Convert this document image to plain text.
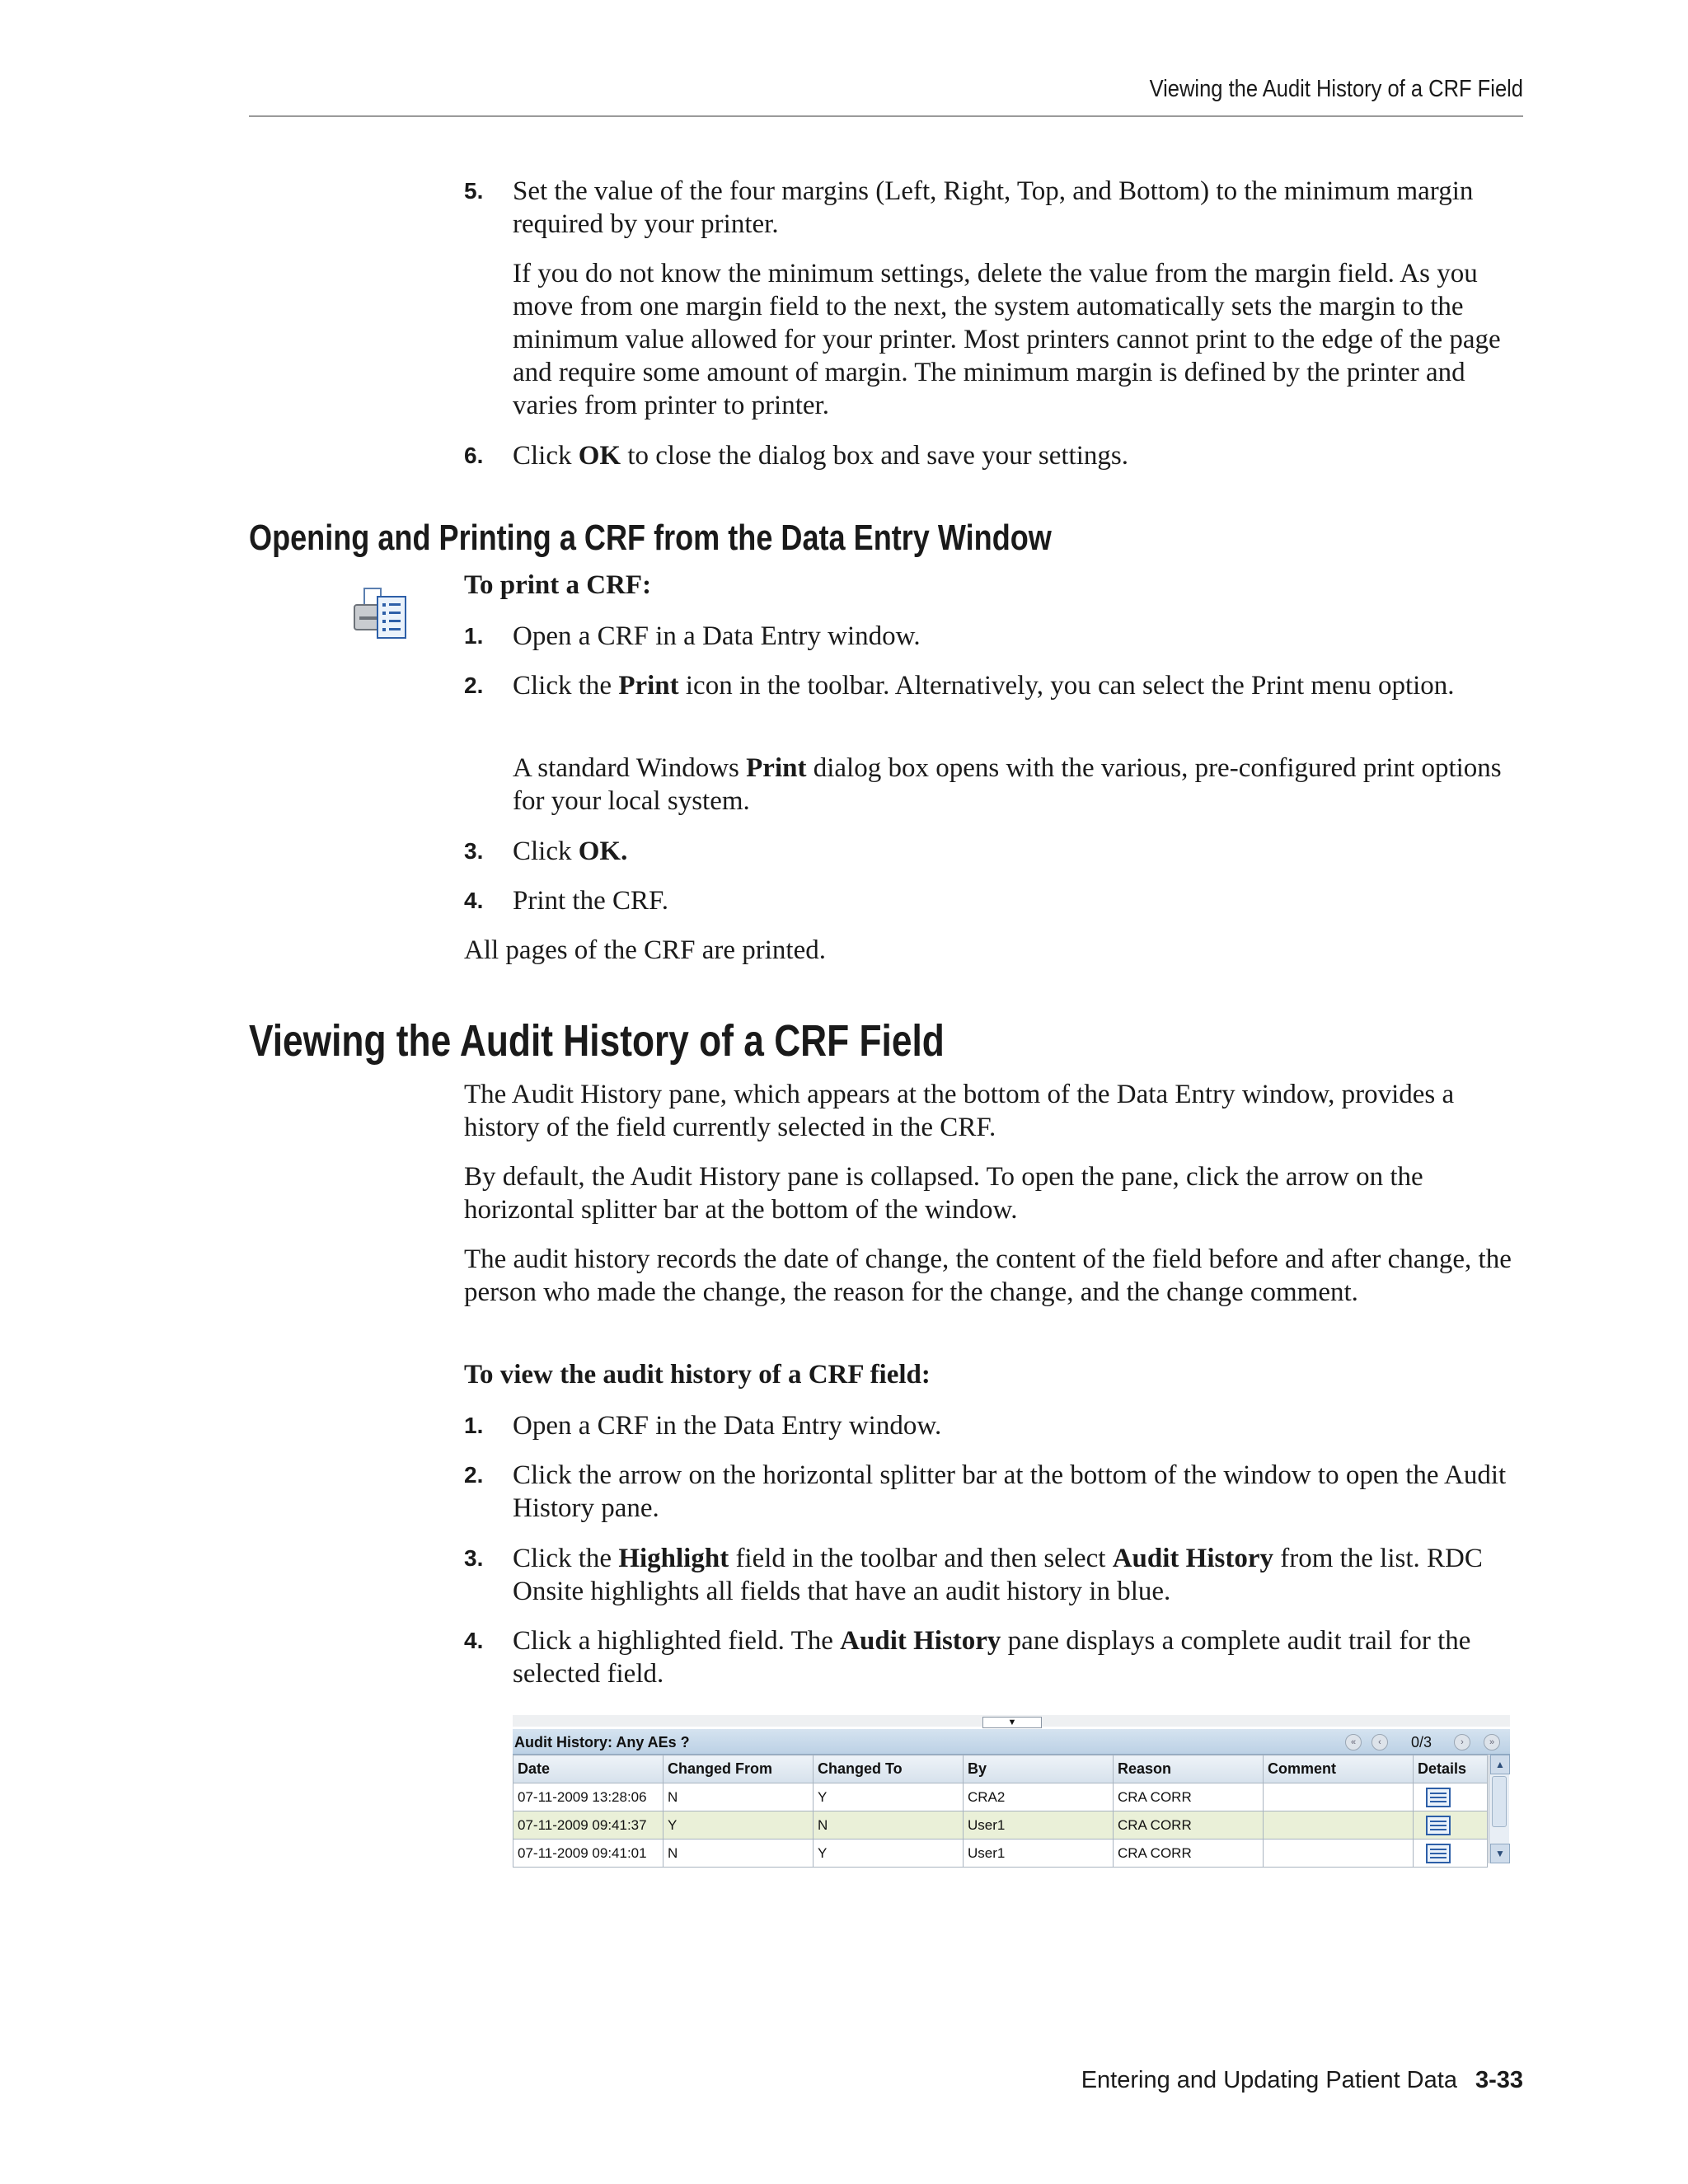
Viewing the Audit History of a CRF Field
5. Set the value of the four margins (Left, Right, Top, and Bottom) to the minimum margin required by your printer.
If you do not know the minimum settings, delete the value from the margin field. As you move from one margin field to the next, the system automatically sets the margin to the minimum value allowed for your printer. Most printers cannot print to the edge of the page and require some amount of margin. The minimum margin is defined by the printer and varies from printer to printer.
6. Click OK to close the dialog box and save your settings.
Opening and Printing a CRF from the Data Entry Window
To print a CRF:
1. Open a CRF in a Data Entry window.
2. Click the Print icon in the toolbar. Alternatively, you can select the Print menu option.
A standard Windows Print dialog box opens with the various, pre-configured print options for your local system.
3. Click OK.
4. Print the CRF.
All pages of the CRF are printed.
Viewing the Audit History of a CRF Field
The Audit History pane, which appears at the bottom of the Data Entry window, provides a history of the field currently selected in the CRF.
By default, the Audit History pane is collapsed. To open the pane, click the arrow on the horizontal splitter bar at the bottom of the window.
The audit history records the date of change, the content of the field before and after change, the person who made the change, the reason for the change, and the change comment.
To view the audit history of a CRF field:
1. Open a CRF in the Data Entry window.
2. Click the arrow on the horizontal splitter bar at the bottom of the window to open the Audit History pane.
3. Click the Highlight field in the toolbar and then select Audit History from the list. RDC Onsite highlights all fields that have an audit history in blue.
4. Click a highlighted field. The Audit History pane displays a complete audit trail for the selected field.
▼
Audit History: Any AEs ?	«	‹	0/3	›	»
Date	Changed From	Changed To	By	Reason	Comment	Details
07-11-2009 13:28:06	N	Y	CRA2	CRA CORR		
07-11-2009 09:41:37	Y	N	User1	CRA CORR		
07-11-2009 09:41:01	N	Y	User1	CRA CORR		
▲
▼
Entering and Updating Patient Data 3-33
